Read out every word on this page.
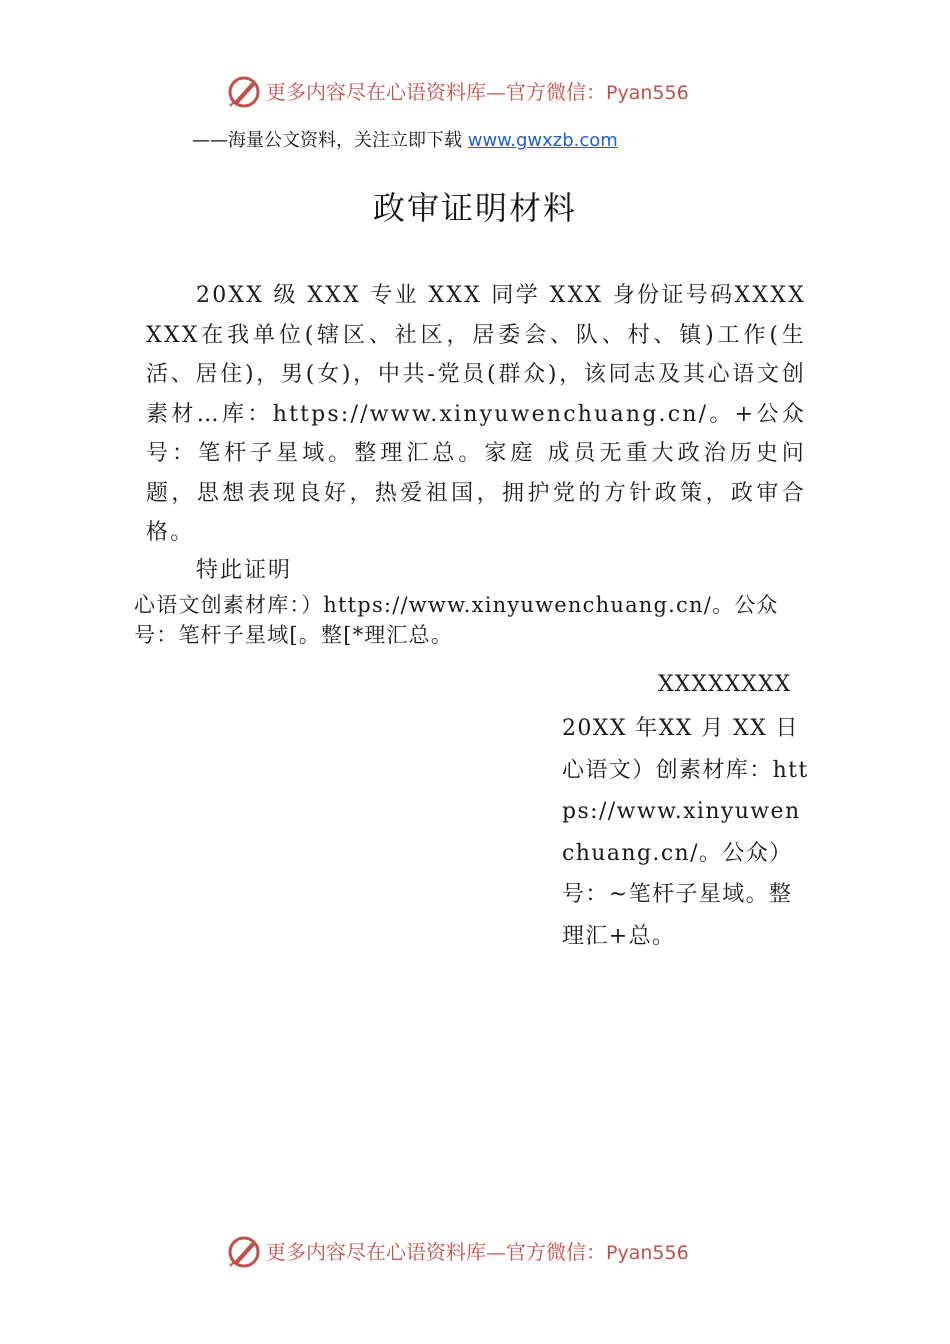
更多内容尽在心语资料库—官方微信：Pyan556
——海量公文资料，关注立即下载 www.gwxzb.com
政审证明材料
20XX 级 XXX 专业 XXX 同学 XXX 身份证号码XXXXXXX在我单位(辖区、社区，居委会、队、村、镇)工作(生活、居住)，男(女)，中共-党员(群众)，该同志及其心语文创素材…库：https://www.xinyuwenchuang.cn/。+公众号：笔杆子星域。整理汇总。家庭 成员无重大政治历史问题，思想表现良好，热爱祖国，拥护党的方针政策，政审合格。
特此证明
心语文创素材库：）https://www.xinyuwenchuang.cn/。公众号：笔杆子星域[。整[*理汇总。
XXXXXXXX

20XX 年XX 月 XX 日

心语文）创素材库：https://www.xinyuwenchuang.cn/。公众）号：~笔杆子星域。整理汇+总。

更多内容尽在心语资料库—官方微信：Pyan556
